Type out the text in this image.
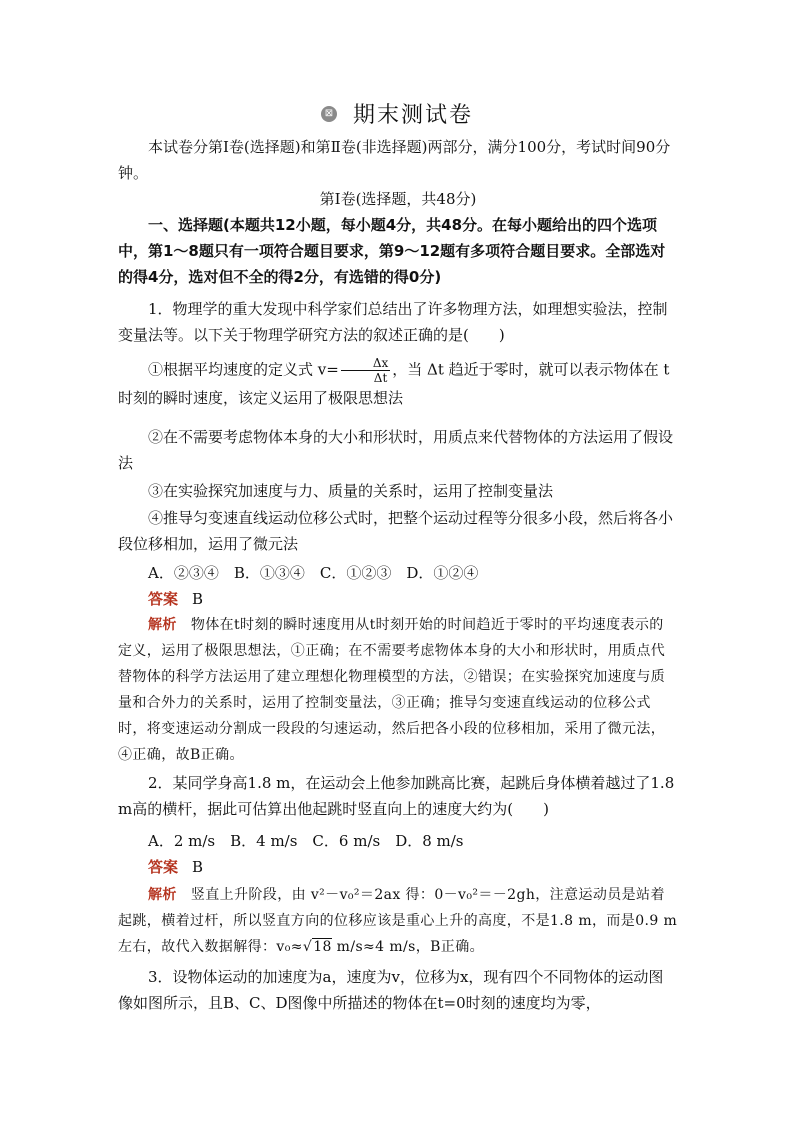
⊠ 期末测试卷

本试卷分第Ⅰ卷(选择题)和第Ⅱ卷(非选择题)两部分，满分100分，考试时间90分钟。

第Ⅰ卷(选择题，共48分)

一、选择题(本题共12小题，每小题4分，共48分。在每小题给出的四个选项中，第1～8题只有一项符合题目要求，第9～12题有多项符合题目要求。全部选对的得4分，选对但不全的得2分，有选错的得0分)

1．物理学的重大发现中科学家们总结出了许多物理方法，如理想实验法，控制变量法等。以下关于物理学研究方法的叙述正确的是(　　)

①根据平均速度的定义式 $v= \frac{\Delta x}{\Delta t}$ ，当 Δt 趋近于零时，就可以表示物体在 t 时刻的瞬时速度，该定义运用了极限思想法

②在不需要考虑物体本身的大小和形状时，用质点来代替物体的方法运用了假设法

③在实验探究加速度与力、质量的关系时，运用了控制变量法

④推导匀变速直线运动位移公式时，把整个运动过程等分很多小段，然后将各小段位移相加，运用了微元法

A．②③④　B．①③④　C．①②③　D．①②④

答案 B

解析 物体在t时刻的瞬时速度用从t时刻开始的时间趋近于零时的平均速度表示的定义，运用了极限思想法，①正确；在不需要考虑物体本身的大小和形状时，用质点代替物体的科学方法运用了建立理想化物理模型的方法，②错误；在实验探究加速度与质量和合外力的关系时，运用了控制变量法，③正确；推导匀变速直线运动的位移公式时，将变速运动分割成一段段的匀速运动，然后把各小段的位移相加，采用了微元法，④正确，故B正确。

2．某同学身高1.8 m，在运动会上他参加跳高比赛，起跳后身体横着越过了1.8 m高的横杆，据此可估算出他起跳时竖直向上的速度大约为(　　)

A．2 m/s　B．4 m/s　C．6 m/s　D．8 m/s

答案 B

解析 竖直上升阶段，由 v²－v₀²＝2ax 得：0－v₀²＝－2gh，注意运动员是站着起跳，横着过杆，所以竖直方向的位移应该是重心上升的高度，不是1.8 m，而是0.9 m左右，故代入数据解得：v₀≈√18 m/s≈4 m/s，B正确。

3．设物体运动的加速度为a，速度为v，位移为x，现有四个不同物体的运动图像如图所示，且B、C、D图像中所描述的物体在t=0时刻的速度均为零，
